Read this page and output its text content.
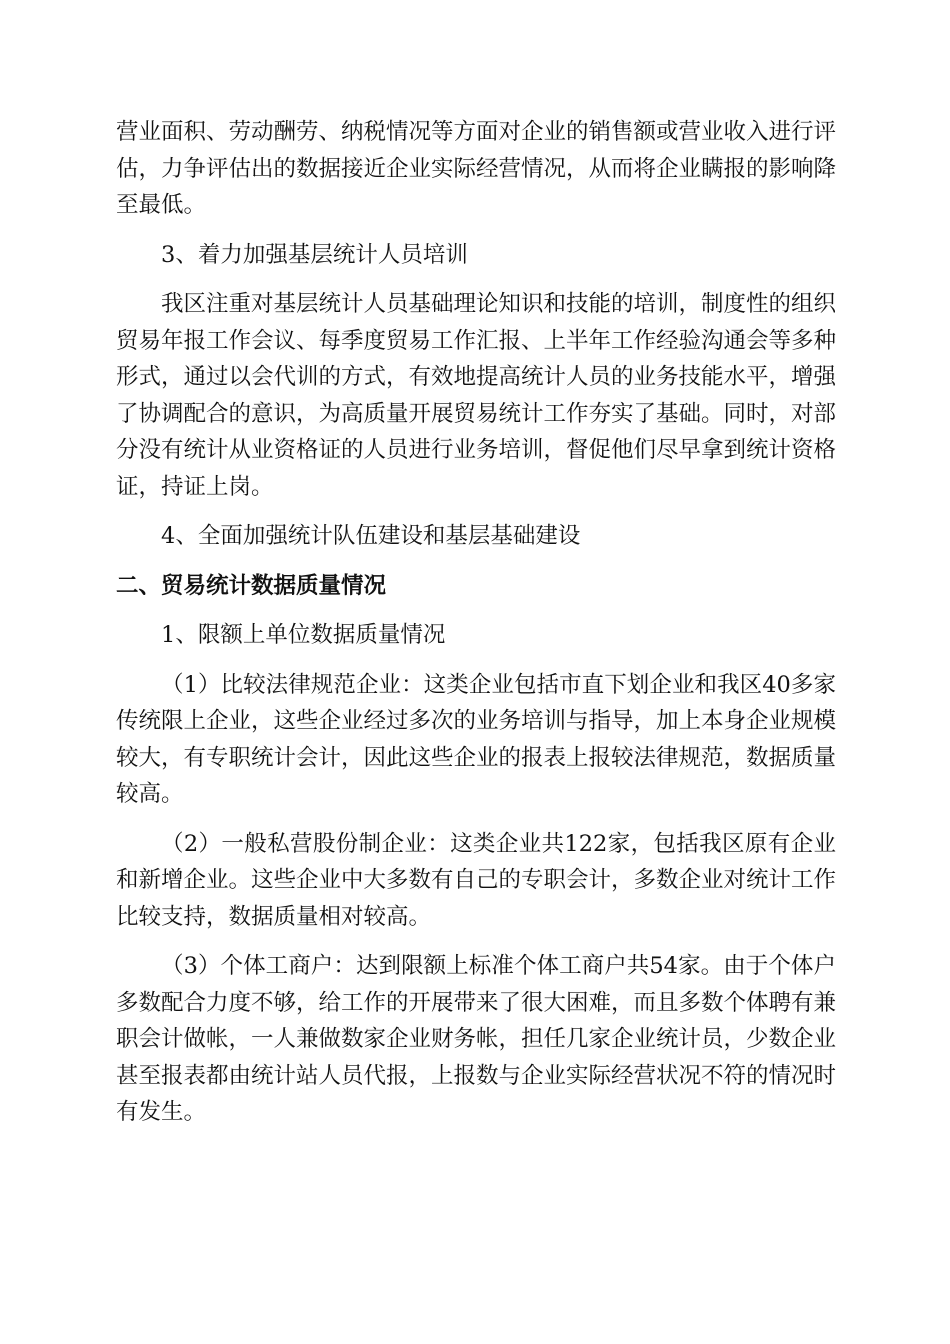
营业面积、劳动酬劳、纳税情况等方面对企业的销售额或营业收入进行评估，力争评估出的数据接近企业实际经营情况，从而将企业瞒报的影响降至最低。

3、着力加强基层统计人员培训

我区注重对基层统计人员基础理论知识和技能的培训，制度性的组织贸易年报工作会议、每季度贸易工作汇报、上半年工作经验沟通会等多种形式，通过以会代训的方式，有效地提高统计人员的业务技能水平，增强了协调配合的意识，为高质量开展贸易统计工作夯实了基础。同时，对部分没有统计从业资格证的人员进行业务培训，督促他们尽早拿到统计资格证，持证上岗。

4、全面加强统计队伍建设和基层基础建设

二、贸易统计数据质量情况

1、限额上单位数据质量情况

（1）比较法律规范企业：这类企业包括市直下划企业和我区40多家传统限上企业，这些企业经过多次的业务培训与指导，加上本身企业规模较大，有专职统计会计，因此这些企业的报表上报较法律规范，数据质量较高。

（2）一般私营股份制企业：这类企业共122家，包括我区原有企业和新增企业。这些企业中大多数有自己的专职会计，多数企业对统计工作比较支持，数据质量相对较高。

（3）个体工商户：达到限额上标准个体工商户共54家。由于个体户多数配合力度不够，给工作的开展带来了很大困难，而且多数个体聘有兼职会计做帐，一人兼做数家企业财务帐，担任几家企业统计员，少数企业甚至报表都由统计站人员代报，上报数与企业实际经营状况不符的情况时有发生。
